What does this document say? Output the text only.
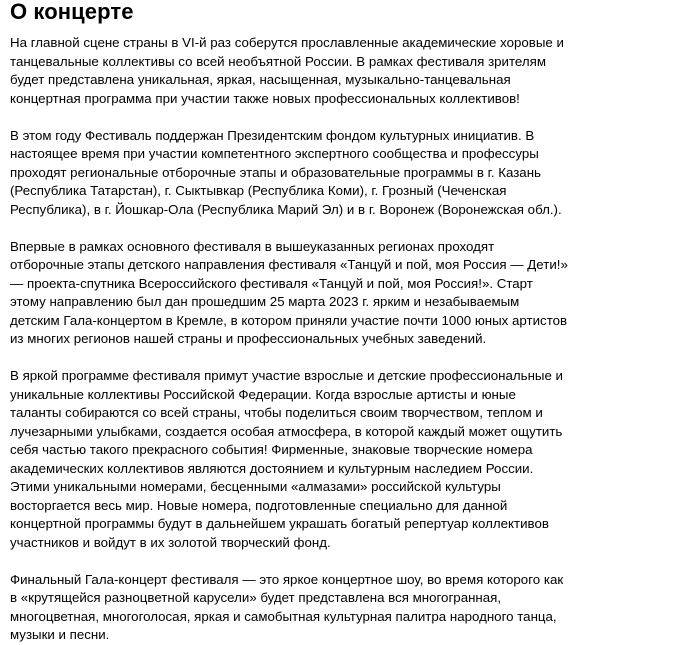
О концерте

На главной сцене страны в VI-й раз соберутся прославленные академические хоровые и танцевальные коллективы со всей необъятной России. В рамках фестиваля зрителям будет представлена уникальная, яркая, насыщенная, музыкально-танцевальная концертная программа при участии также новых профессиональных коллективов!

В этом году Фестиваль поддержан Президентским фондом культурных инициатив. В настоящее время при участии компетентного экспертного сообщества и профессуры проходят региональные отборочные этапы и образовательные программы в г. Казань (Республика Татарстан), г. Сыктывкар (Республика Коми), г. Грозный (Чеченская Республика), в г. Йошкар-Ола (Республика Марий Эл) и в г. Воронеж (Воронежская обл.).

Впервые в рамках основного фестиваля в вышеуказанных регионах проходят отборочные этапы детского направления фестиваля «Танцуй и пой, моя Россия — Дети!» — проекта-спутника Всероссийского фестиваля «Танцуй и пой, моя Россия!». Старт этому направлению был дан прошедшим 25 марта 2023 г. ярким и незабываемым детским Гала-концертом в Кремле, в котором приняли участие почти 1000 юных артистов из многих регионов нашей страны и профессиональных учебных заведений.

В яркой программе фестиваля примут участие взрослые и детские профессиональные и уникальные коллективы Российской Федерации. Когда взрослые артисты и юные таланты собираются со всей страны, чтобы поделиться своим творчеством, теплом и лучезарными улыбками, создается особая атмосфера, в которой каждый может ощутить себя частью такого прекрасного события! Фирменные, знаковые творческие номера академических коллективов являются достоянием и культурным наследием России. Этими уникальными номерами, бесценными «алмазами» российской культуры восторгается весь мир. Новые номера, подготовленные специально для данной концертной программы будут в дальнейшем украшать богатый репертуар коллективов участников и войдут в их золотой творческий фонд.

Финальный Гала-концерт фестиваля — это яркое концертное шоу, во время которого как в «крутящейся разноцветной карусели» будет представлена вся многогранная, многоцветная, многоголосая, яркая и самобытная культурная палитра народного танца, музыки и песни.
